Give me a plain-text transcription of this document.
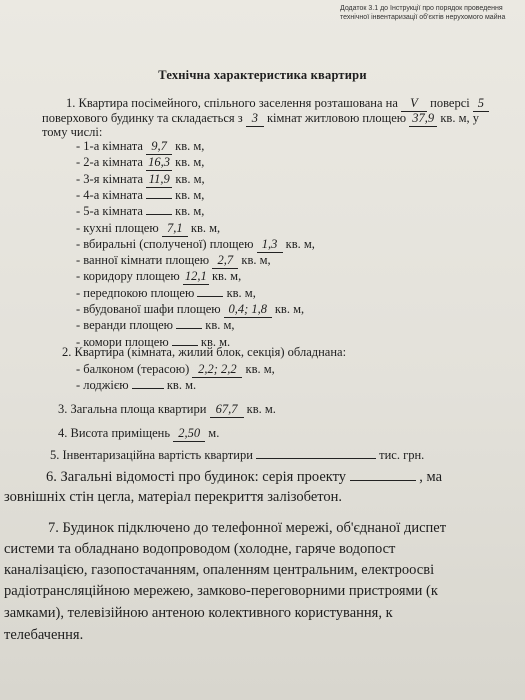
Додаток 3.1 до Інструкції про порядок проведення технічної інвентаризації об'єктів нерухомого майна
Технічна характеристика квартири
1. Квартира посімейного, спільного заселення розташована на V поверсі 5
поверхового будинку та складається з 3 кімнат житловою площею 37,9 кв. м, у
тому числі:
- 1-а кімната 9,7 кв. м,
- 2-а кімната 16,3 кв. м,
- 3-я кімната 11,9 кв. м,
- 4-а кімната	кв. м,
- 5-а кімната	кв. м,
- кухні площею 7,1 кв. м,
- вбиральні (сполученої) площею 1,3 кв. м,
- ванної кімнати площею 2,7 кв. м,
- коридору площею 12,1 кв. м,
- передпокою площею	кв. м,
- вбудованої шафи площею 0,4; 1,8 кв. м,
- веранди площею	кв. м,
- комори площею	кв. м.
2. Квартира (кімната, жилий блок, секція) обладнана:
- балконом (терасою) 2,2; 2,2 кв. м,
- лоджією	кв. м.
3. Загальна площа квартири 67,7 кв. м.
4. Висота приміщень 2,50 м.
5. Інвентаризаційна вартість квартири	тис. грн.
6. Загальні відомості про будинок: серія проекту	, ма
зовнішніх стін цегла, матеріал перекриття залізобетон.
7. Будинок підключено до телефонної мережі, об'єднаної диспет
системи та обладнано водопроводом (холодне, гаряче водопост
каналізацією, газопостачанням, опаленням центральним, електроосві
радіотрансляційною мережею, замково-переговорними пристроями (к
замками), телевізійною антеною колективного користування, к
телебачення.
